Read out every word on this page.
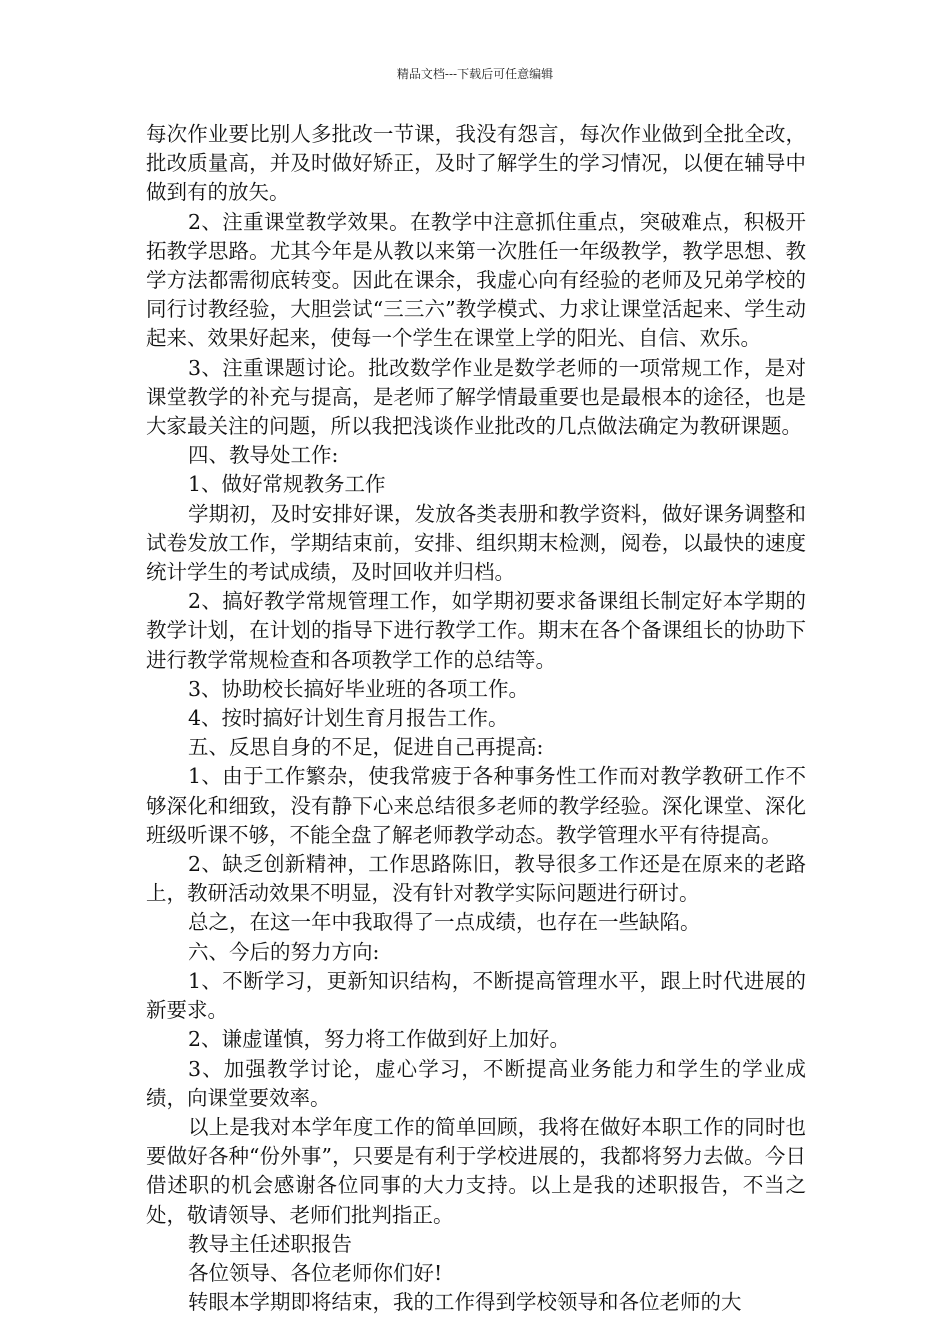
精品文档---下载后可任意编辑

每次作业要比别人多批改一节课，我没有怨言，每次作业做到全批全改，批改质量高，并及时做好矫正，及时了解学生的学习情况，以便在辅导中做到有的放矢。

2、注重课堂教学效果。在教学中注意抓住重点，突破难点，积极开拓教学思路。尤其今年是从教以来第一次胜任一年级教学，教学思想、教学方法都需彻底转变。因此在课余，我虚心向有经验的老师及兄弟学校的同行讨教经验，大胆尝试“三三六”教学模式、力求让课堂活起来、学生动起来、效果好起来，使每一个学生在课堂上学的阳光、自信、欢乐。

3、注重课题讨论。批改数学作业是数学老师的一项常规工作，是对课堂教学的补充与提高，是老师了解学情最重要也是最根本的途径，也是大家最关注的问题，所以我把浅谈作业批改的几点做法确定为教研课题。

四、教导处工作:

1、做好常规教务工作

学期初，及时安排好课，发放各类表册和教学资料，做好课务调整和试卷发放工作，学期结束前，安排、组织期末检测，阅卷，以最快的速度统计学生的考试成绩，及时回收并归档。

2、搞好教学常规管理工作，如学期初要求备课组长制定好本学期的教学计划，在计划的指导下进行教学工作。期末在各个备课组长的协助下进行教学常规检查和各项教学工作的总结等。

3、协助校长搞好毕业班的各项工作。

4、按时搞好计划生育月报告工作。

五、反思自身的不足，促进自己再提高:

1、由于工作繁杂，使我常疲于各种事务性工作而对教学教研工作不够深化和细致，没有静下心来总结很多老师的教学经验。深化课堂、深化班级听课不够，不能全盘了解老师教学动态。教学管理水平有待提高。

2、缺乏创新精神，工作思路陈旧，教导很多工作还是在原来的老路上，教研活动效果不明显，没有针对教学实际问题进行研讨。

总之，在这一年中我取得了一点成绩，也存在一些缺陷。

六、今后的努力方向:

1、不断学习，更新知识结构，不断提高管理水平，跟上时代进展的新要求。

2、谦虚谨慎，努力将工作做到好上加好。

3、加强教学讨论，虚心学习，不断提高业务能力和学生的学业成绩，向课堂要效率。

以上是我对本学年度工作的简单回顾，我将在做好本职工作的同时也要做好各种“份外事”，只要是有利于学校进展的，我都将努力去做。今日借述职的机会感谢各位同事的大力支持。以上是我的述职报告，不当之处，敬请领导、老师们批判指正。

教导主任述职报告

各位领导、各位老师你们好!

转眼本学期即将结束，我的工作得到学校领导和各位老师的大
